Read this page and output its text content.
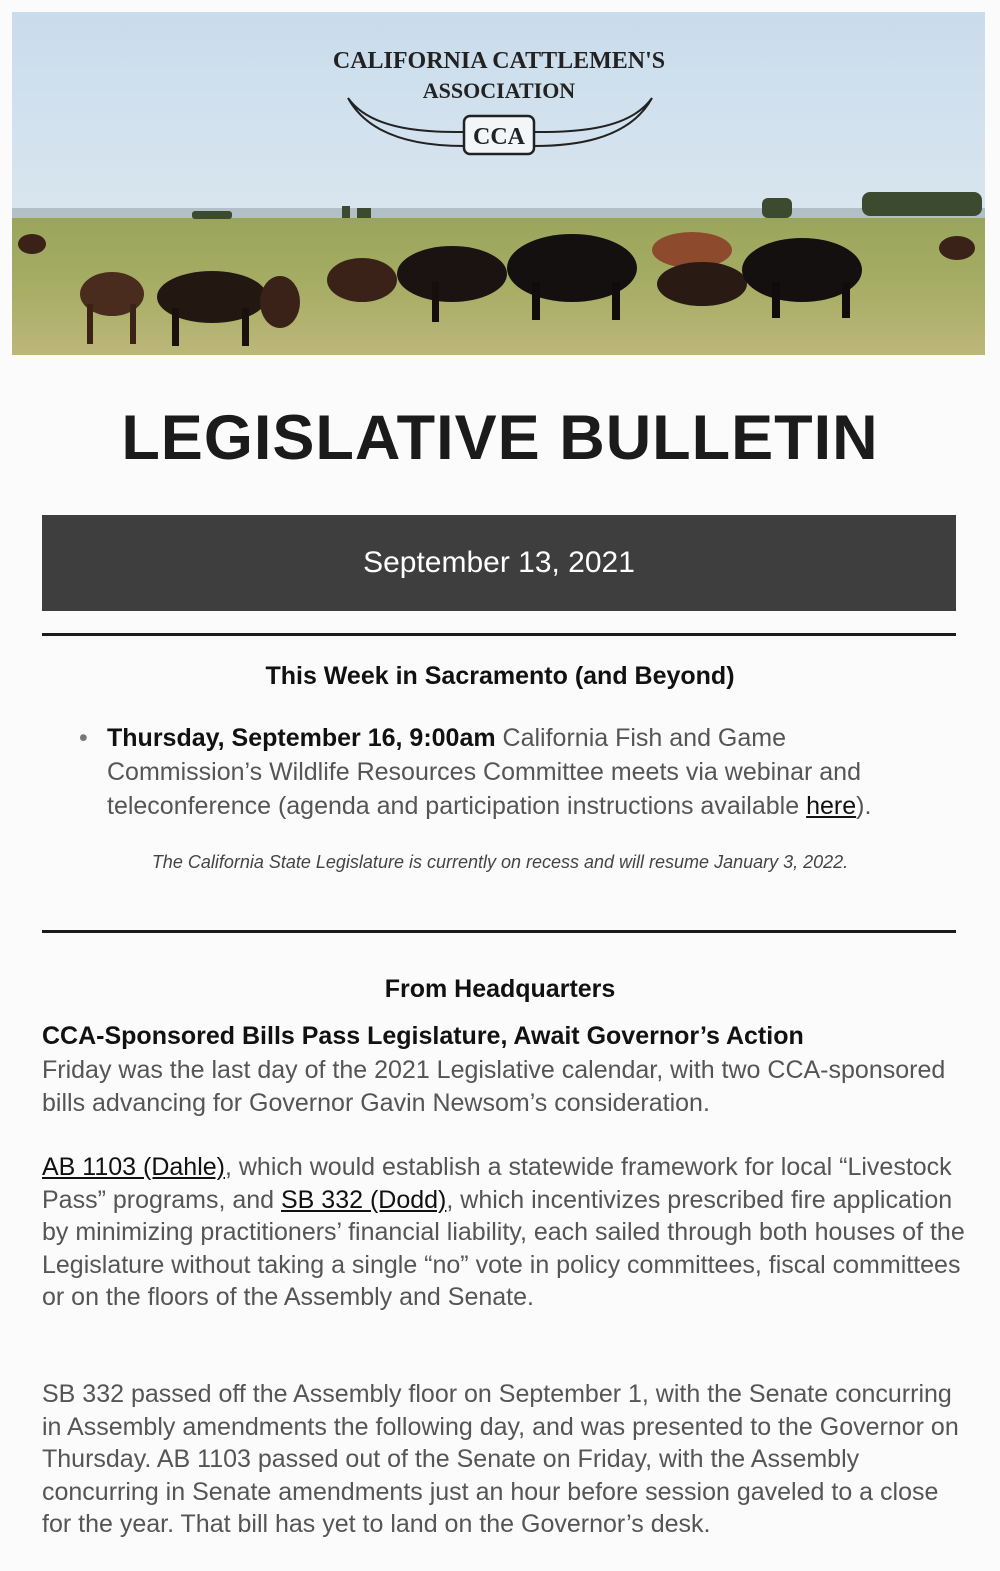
CCA
CALIFORNIA CATTLEMEN'S
ASSOCIATION
LEGISLATIVE BULLETIN
September 13, 2021
This Week in Sacramento (and Beyond)
• Thursday, September 16, 9:00am California Fish and Game Commission’s Wildlife Resources Committee meets via webinar and teleconference (agenda and participation instructions available here).
The California State Legislature is currently on recess and will resume January 3, 2022.
From Headquarters
CCA-Sponsored Bills Pass Legislature, Await Governor’s Action
Friday was the last day of the 2021 Legislative calendar, with two CCA-sponsored bills advancing for Governor Gavin Newsom’s consideration.
AB 1103 (Dahle), which would establish a statewide framework for local “Livestock Pass” programs, and SB 332 (Dodd), which incentivizes prescribed fire application by minimizing practitioners’ financial liability, each sailed through both houses of the Legislature without taking a single “no” vote in policy committees, fiscal committees or on the floors of the Assembly and Senate.
SB 332 passed off the Assembly floor on September 1, with the Senate concurring in Assembly amendments the following day, and was presented to the Governor on Thursday. AB 1103 passed out of the Senate on Friday, with the Assembly concurring in Senate amendments just an hour before session gaveled to a close for the year. That bill has yet to land on the Governor’s desk.
